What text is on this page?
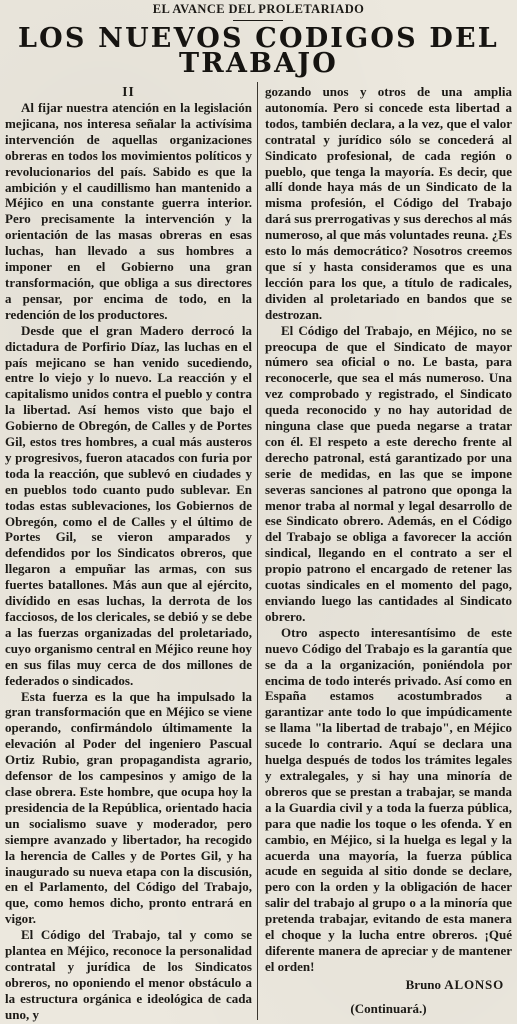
EL AVANCE DEL PROLETARIADO
LOS NUEVOS CODIGOS DEL TRABAJO
II

Al fijar nuestra atención en la legislación mejicana, nos interesa señalar la activísima intervención de aquellas organizaciones obreras en todos los movimientos políticos y revolucionarios del país. Sabido es que la ambición y el caudillismo han mantenido a Méjico en una constante guerra interior. Pero precisamente la intervención y la orientación de las masas obreras en esas luchas, han llevado a sus hombres a imponer en el Gobierno una gran transformación, que obliga a sus directores a pensar, por encima de todo, en la redención de los productores.

Desde que el gran Madero derrocó la dictadura de Porfirio Díaz, las luchas en el país mejicano se han venido sucediendo, entre lo viejo y lo nuevo. La reacción y el capitalismo unidos contra el pueblo y contra la libertad. Así hemos visto que bajo el Gobierno de Obregón, de Calles y de Portes Gil, estos tres hombres, a cual más austeros y progresivos, fueron atacados con furia por toda la reacción, que sublevó en ciudades y en pueblos todo cuanto pudo sublevar. En todas estas sublevaciones, los Gobiernos de Obregón, como el de Calles y el último de Portes Gil, se vieron amparados y defendidos por los Sindicatos obreros, que llegaron a empuñar las armas, con sus fuertes batallones. Más aun que al ejército, divídido en esas luchas, la derrota de los facciosos, de los clericales, se debió y se debe a las fuerzas organizadas del proletariado, cuyo organismo central en Méjico reune hoy en sus filas muy cerca de dos millones de federados o sindicados.

Esta fuerza es la que ha impulsado la gran transformación que en Méjico se viene operando, confirmándolo últimamente la elevación al Poder del ingeniero Pascual Ortiz Rubio, gran propagandista agrario, defensor de los campesinos y amigo de la clase obrera. Este hombre, que ocupa hoy la presidencia de la República, orientado hacia un socialismo suave y moderador, pero siempre avanzado y libertador, ha recogido la herencia de Calles y de Portes Gil, y ha inaugurado su nueva etapa con la discusión, en el Parlamento, del Código del Trabajo, que, como hemos dicho, pronto entrará en vigor.

El Código del Trabajo, tal y como se plantea en Méjico, reconoce la personalidad contratal y jurídica de los Sindicatos obreros, no oponiendo el menor obstáculo a la estructura orgánica e ideológica de cada uno, y

gozando unos y otros de una amplia autonomía. Pero si concede esta libertad a todos, también declara, a la vez, que el valor contratal y jurídico sólo se concederá al Sindicato profesional, de cada región o pueblo, que tenga la mayoría. Es decir, que allí donde haya más de un Sindicato de la misma profesión, el Código del Trabajo dará sus prerrogativas y sus derechos al más numeroso, al que más voluntades reuna. ¿Es esto lo más democrático? Nosotros creemos que sí y hasta consideramos que es una lección para los que, a título de radicales, dividen al proletariado en bandos que se destrozan.

El Código del Trabajo, en Méjico, no se preocupa de que el Sindicato de mayor número sea oficial o no. Le basta, para reconocerle, que sea el más numeroso. Una vez comprobado y registrado, el Sindicato queda reconocido y no hay autoridad de ninguna clase que pueda negarse a tratar con él. El respeto a este derecho frente al derecho patronal, está garantizado por una serie de medidas, en las que se impone severas sanciones al patrono que oponga la menor traba al normal y legal desarrollo de ese Sindicato obrero. Además, en el Código del Trabajo se obliga a favorecer la acción sindical, llegando en el contrato a ser el propio patrono el encargado de retener las cuotas sindicales en el momento del pago, enviando luego las cantidades al Sindicato obrero.

Otro aspecto interesantísimo de este nuevo Código del Trabajo es la garantía que se da a la organización, poniéndola por encima de todo interés privado. Así como en España estamos acostumbrados a garantizar ante todo lo que impúdicamente se llama "la libertad de trabajo", en Méjico sucede lo contrario. Aquí se declara una huelga después de todos los trámites legales y extralegales, y si hay una minoría de obreros que se prestan a trabajar, se manda a la Guardia civil y a toda la fuerza pública, para que nadie los toque o les ofenda. Y en cambio, en Méjico, si la huelga es legal y la acuerda una mayoría, la fuerza pública acude en seguida al sitio donde se declare, pero con la orden y la obligación de hacer salir del trabajo al grupo o a la minoría que pretenda trabajar, evitando de esta manera el choque y la lucha entre obreros. ¡Qué diferente manera de apreciar y de mantener el orden!

Bruno ALONSO
(Continuará.)
